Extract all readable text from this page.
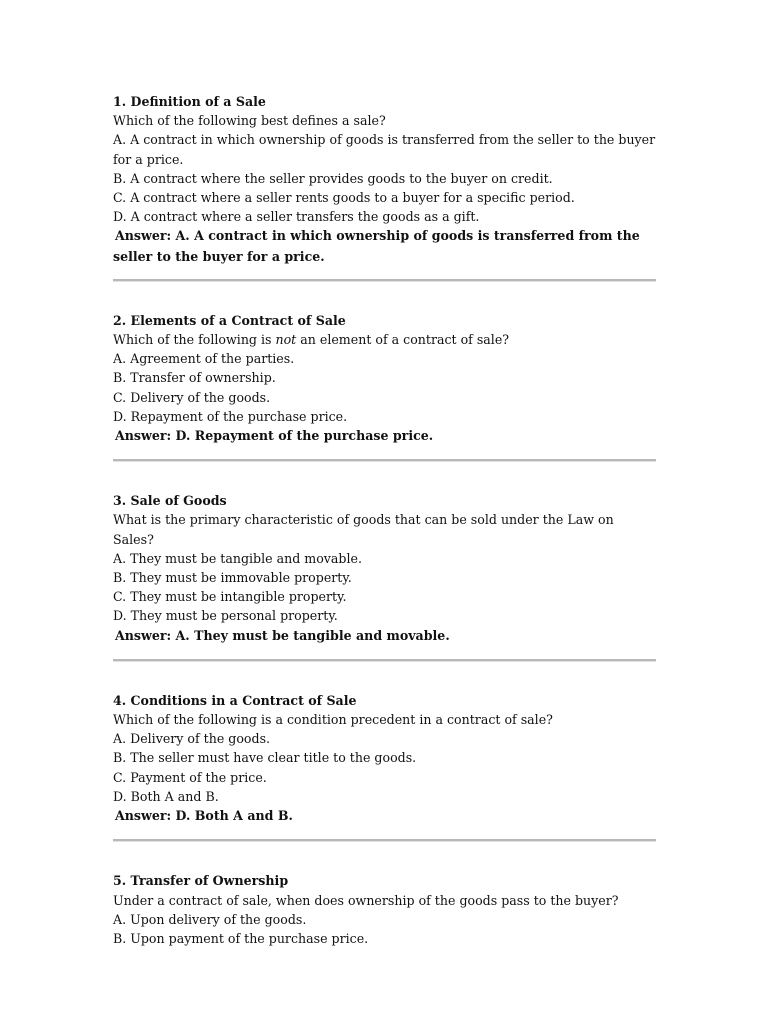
1. Definition of a Sale

Which of the following best defines a sale?

A. A contract in which ownership of goods is transferred from the seller to the buyer for a price.

B. A contract where the seller provides goods to the buyer on credit.

C. A contract where a seller rents goods to a buyer for a specific period.

D. A contract where a seller transfers the goods as a gift.

Answer: A. A contract in which ownership of goods is transferred from the seller to the buyer for a price.

2. Elements of a Contract of Sale

Which of the following is not an element of a contract of sale?

A. Agreement of the parties.

B. Transfer of ownership.

C. Delivery of the goods.

D. Repayment of the purchase price.

Answer: D. Repayment of the purchase price.

3. Sale of Goods

What is the primary characteristic of goods that can be sold under the Law on Sales?

A. They must be tangible and movable.

B. They must be immovable property.

C. They must be intangible property.

D. They must be personal property.

Answer: A. They must be tangible and movable.

4. Conditions in a Contract of Sale

Which of the following is a condition precedent in a contract of sale?

A. Delivery of the goods.

B. The seller must have clear title to the goods.

C. Payment of the price.

D. Both A and B.

Answer: D. Both A and B.

5. Transfer of Ownership

Under a contract of sale, when does ownership of the goods pass to the buyer?

A. Upon delivery of the goods.

B. Upon payment of the purchase price.
